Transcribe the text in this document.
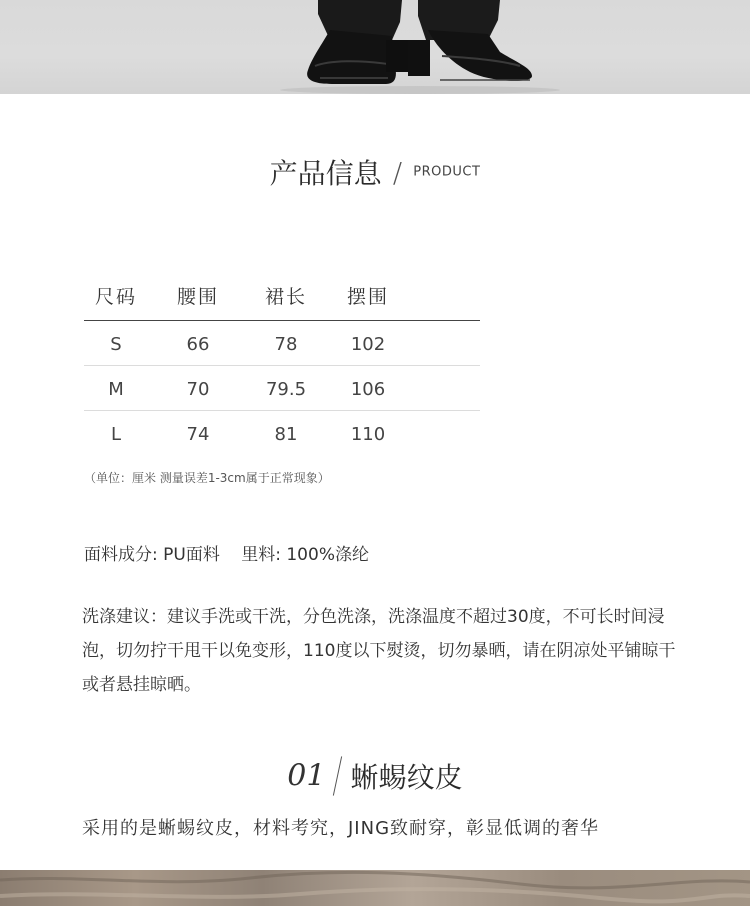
产品信息 / PRODUCT
尺码	腰围	裙长	摆围
S	66	78	102
M	70	79.5	106
L	74	81	110
（单位：厘米 测量误差1-3cm属于正常现象）
面料成分: PU面料 里料: 100%涤纶
洗涤建议：建议手洗或干洗，分色洗涤，洗涤温度不超过30度，不可长时间浸泡，切勿拧干甩干以免变形，110度以下熨烫，切勿暴晒，请在阴凉处平铺晾干或者悬挂晾晒。
01 蜥蜴纹皮
采用的是蜥蜴纹皮，材料考究，JING致耐穿，彰显低调的奢华
